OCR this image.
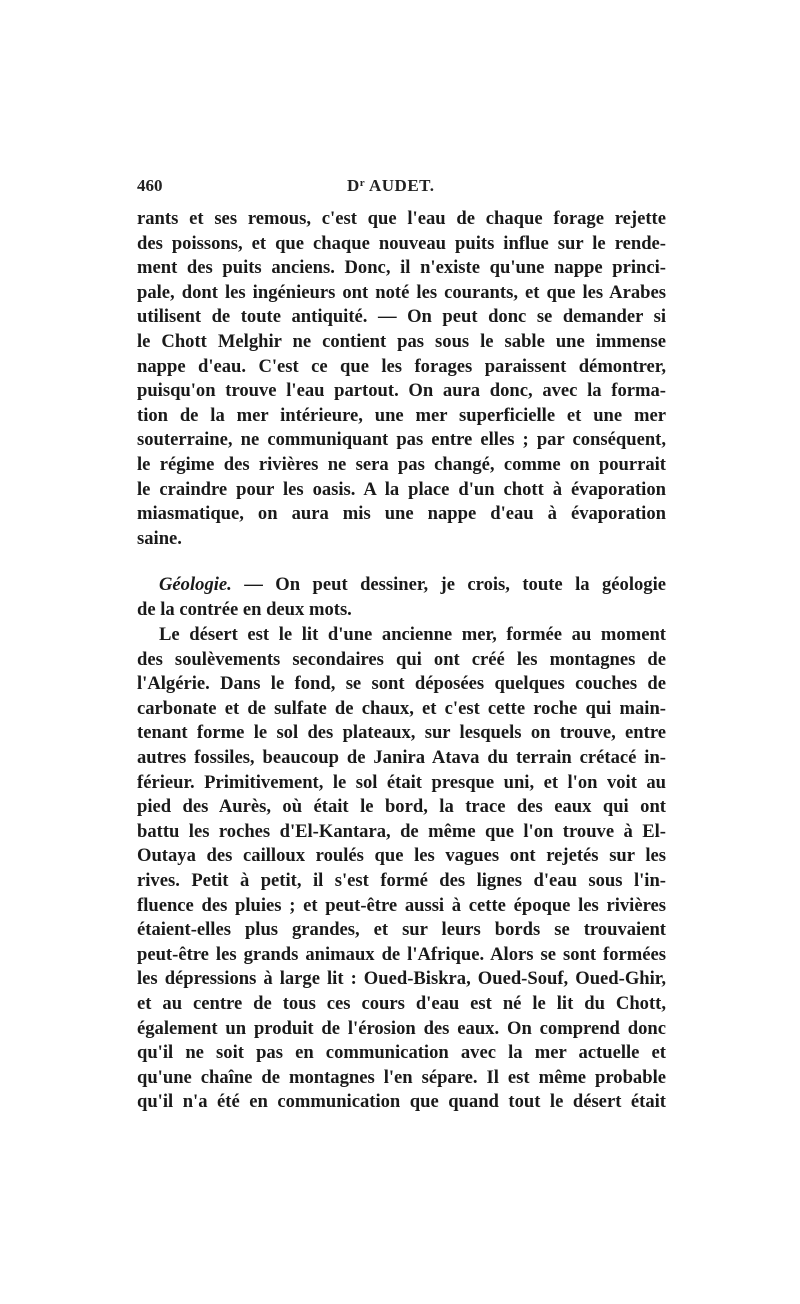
460	$D^r$ AUDET.
rants et ses remous, c'est que l'eau de chaque forage rejette
des poissons, et que chaque nouveau puits influe sur le rende-
ment des puits anciens. Donc, il n'existe qu'une nappe princi-
pale, dont les ingénieurs ont noté les courants, et que les Arabes
utilisent de toute antiquité. — On peut donc se demander si
le Chott Melghir ne contient pas sous le sable une immense
nappe d'eau. C'est ce que les forages paraissent démontrer,
puisqu'on trouve l'eau partout. On aura donc, avec la forma-
tion de la mer intérieure, une mer superficielle et une mer
souterraine, ne communiquant pas entre elles ; par conséquent,
le régime des rivières ne sera pas changé, comme on pourrait
le craindre pour les oasis. A la place d'un chott à évaporation
miasmatique, on aura mis une nappe d'eau à évaporation
saine.
Géologie. — On peut dessiner, je crois, toute la géologie
de la contrée en deux mots.
Le désert est le lit d'une ancienne mer, formée au moment
des soulèvements secondaires qui ont créé les montagnes de
l'Algérie. Dans le fond, se sont déposées quelques couches de
carbonate et de sulfate de chaux, et c'est cette roche qui main-
tenant forme le sol des plateaux, sur lesquels on trouve, entre
autres fossiles, beaucoup de Janira Atava du terrain crétacé in-
férieur. Primitivement, le sol était presque uni, et l'on voit au
pied des Aurès, où était le bord, la trace des eaux qui ont
battu les roches d'El-Kantara, de même que l'on trouve à El-
Outaya des cailloux roulés que les vagues ont rejetés sur les
rives. Petit à petit, il s'est formé des lignes d'eau sous l'in-
fluence des pluies ; et peut-être aussi à cette époque les rivières
étaient-elles plus grandes, et sur leurs bords se trouvaient
peut-être les grands animaux de l'Afrique. Alors se sont formées
les dépressions à large lit : Oued-Biskra, Oued-Souf, Oued-Ghir,
et au centre de tous ces cours d'eau est né le lit du Chott,
également un produit de l'érosion des eaux. On comprend donc
qu'il ne soit pas en communication avec la mer actuelle et
qu'une chaîne de montagnes l'en sépare. Il est même probable
qu'il n'a été en communication que quand tout le désert était
